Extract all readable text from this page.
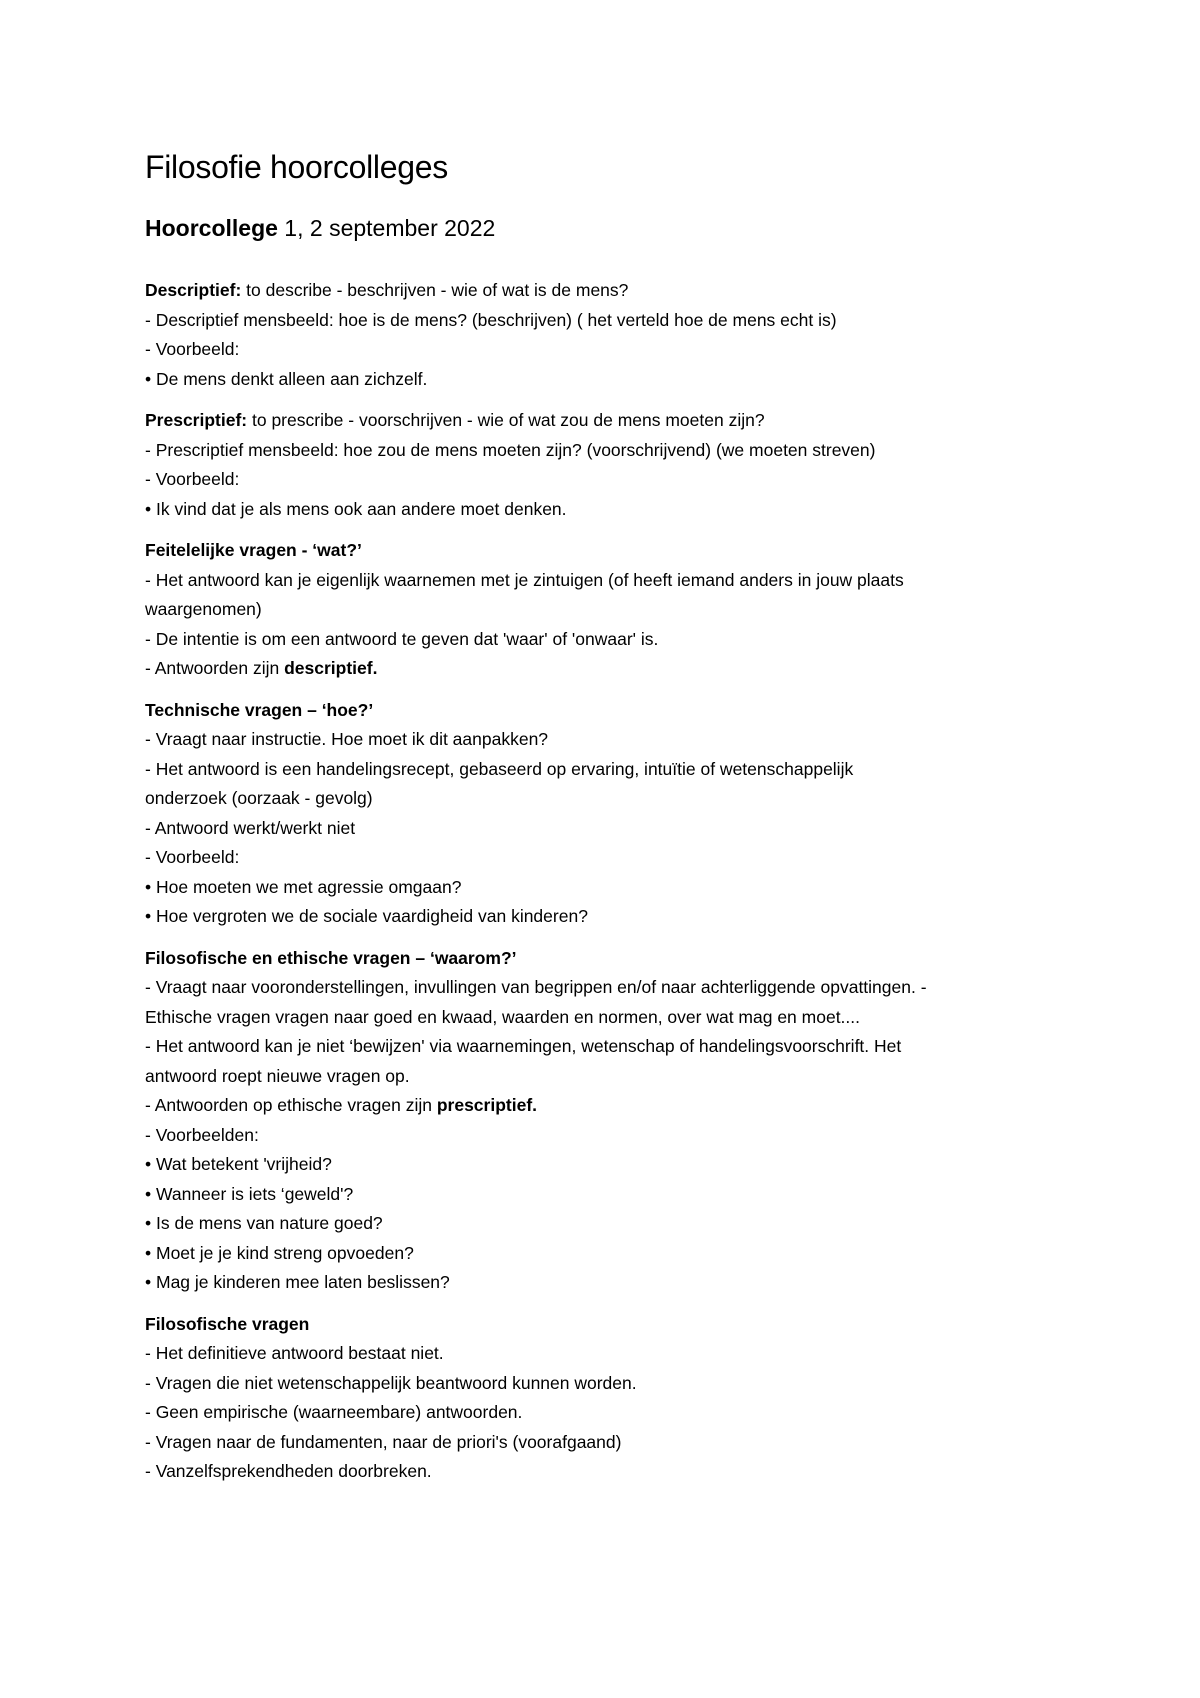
Filosofie hoorcolleges
Hoorcollege 1, 2 september 2022
Descriptief: to describe - beschrijven - wie of wat is de mens?
- Descriptief mensbeeld: hoe is de mens? (beschrijven) ( het verteld hoe de mens echt is)
- Voorbeeld:
• De mens denkt alleen aan zichzelf.
Prescriptief: to prescribe - voorschrijven - wie of wat zou de mens moeten zijn?
- Prescriptief mensbeeld: hoe zou de mens moeten zijn? (voorschrijvend) (we moeten streven)
- Voorbeeld:
• Ik vind dat je als mens ook aan andere moet denken.
Feitelelijke vragen - ‘wat?’
- Het antwoord kan je eigenlijk waarnemen met je zintuigen (of heeft iemand anders in jouw plaats
waargenomen)
- De intentie is om een antwoord te geven dat 'waar' of 'onwaar' is.
- Antwoorden zijn descriptief.
Technische vragen – ‘hoe?’
- Vraagt naar instructie. Hoe moet ik dit aanpakken?
- Het antwoord is een handelingsrecept, gebaseerd op ervaring, intuïtie of wetenschappelijk
onderzoek (oorzaak - gevolg)
- Antwoord werkt/werkt niet
- Voorbeeld:
• Hoe moeten we met agressie omgaan?
• Hoe vergroten we de sociale vaardigheid van kinderen?
Filosofische en ethische vragen – ‘waarom?’
- Vraagt naar vooronderstellingen, invullingen van begrippen en/of naar achterliggende opvattingen. -
Ethische vragen vragen naar goed en kwaad, waarden en normen, over wat mag en moet....
- Het antwoord kan je niet ‘bewijzen' via waarnemingen, wetenschap of handelingsvoorschrift. Het
antwoord roept nieuwe vragen op.
- Antwoorden op ethische vragen zijn prescriptief.
- Voorbeelden:
• Wat betekent 'vrijheid?
• Wanneer is iets ‘geweld'?
• Is de mens van nature goed?
• Moet je je kind streng opvoeden?
• Mag je kinderen mee laten beslissen?
Filosofische vragen
- Het definitieve antwoord bestaat niet.
- Vragen die niet wetenschappelijk beantwoord kunnen worden.
- Geen empirische (waarneembare) antwoorden.
- Vragen naar de fundamenten, naar de priori's (voorafgaand)
- Vanzelfsprekendheden doorbreken.
